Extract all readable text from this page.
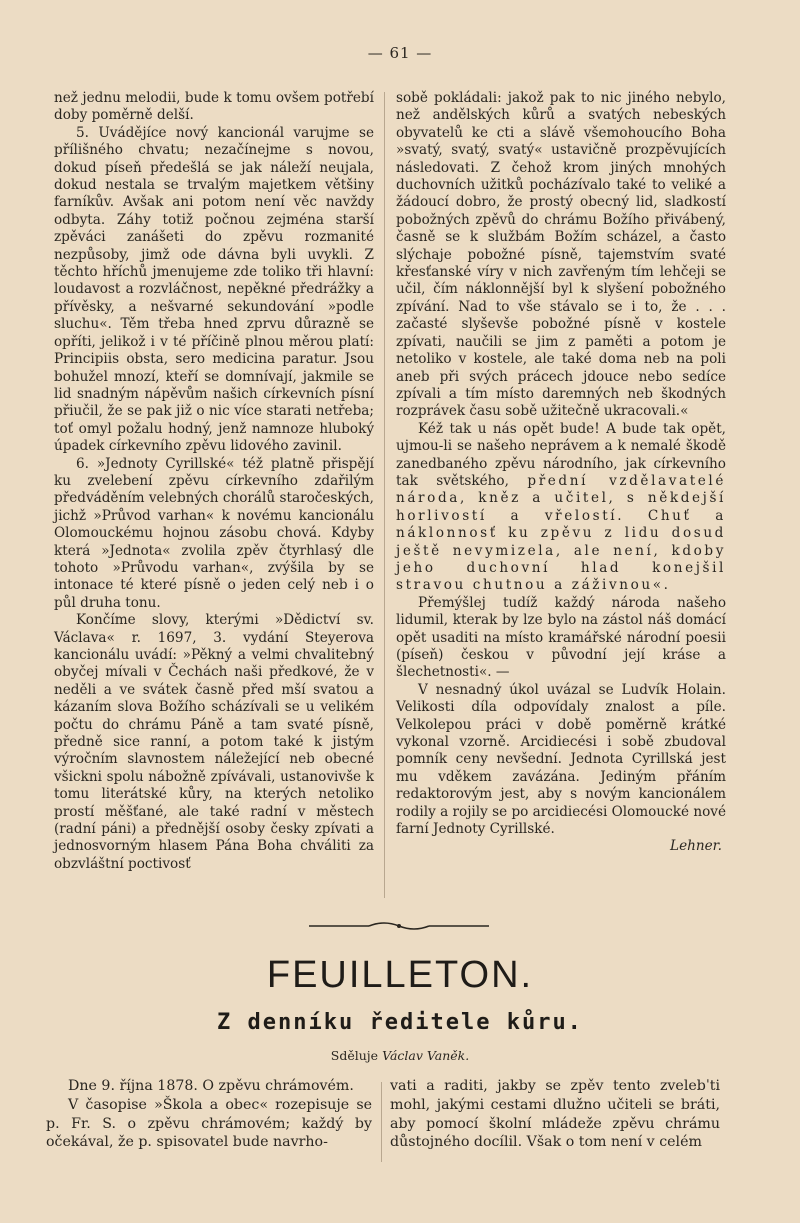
— 61 —

než jednu melodii, bude k tomu ovšem potřebí doby poměrně delší.

5. Uvádějíce nový kancionál varujme se přílišného chvatu; nezačínejme s novou, dokud píseň předešlá se jak náleží neujala, dokud nestala se trvalým majetkem většiny farníkův. Avšak ani potom není věc navždy odbyta. Záhy totiž počnou zejména starší zpěváci zanášeti do zpěvu rozmanité nezpůsoby, jimž ode dávna byli uvykli. Z těchto hříchů jmenujeme zde toliko tři hlavní: loudavost a rozvláčnost, nepěkné předrážky a přívěsky, a nešvarné sekundování »podle sluchu«. Těm třeba hned zprvu důrazně se opříti, jelikož i v té příčině plnou měrou platí: Principiis obsta, sero medicina paratur. Jsou bohužel mnozí, kteří se domnívají, jakmile se lid snadným nápěvům našich církevních písní přiučil, že se pak již o nic více starati netřeba; toť omyl požalu hodný, jenž namnoze hluboký úpadek církevního zpěvu lidového zavinil.

6. »Jednoty Cyrillské« též platně přispějí ku zvelebení zpěvu církevního zdařilým předváděním velebných chorálů staročeských, jichž »Průvod varhan« k novému kancionálu Olomouckému hojnou zásobu chová. Kdyby která »Jednota« zvolila zpěv čtyrhlasý dle tohoto »Průvodu varhan«, zvýšila by se intonace té které písně o jeden celý neb i o půl druha tonu.

Končíme slovy, kterými »Dědictví sv. Václava« r. 1697, 3. vydání Steyerova kancionálu uvádí: »Pěkný a velmi chvalitebný obyčej mívali v Čechách naši předkové, že v neděli a ve svátek časně před mší svatou a kázaním slova Božího scházívali se u velikém počtu do chrámu Páně a tam svaté písně, předně sice ranní, a potom také k jistým výročním slavnostem náležející neb obecné všickni spolu nábožně zpívávali, ustanovivše k tomu literátské kůry, na kterých netoliko prostí měšťané, ale také radní v městech (radní páni) a přednější osoby česky zpívati a jednosvorným hlasem Pána Boha chváliti za obzvláštní poctivosť

sobě pokládali: jakož pak to nic jiného nebylo, než andělských kůrů a svatých nebeských obyvatelů ke cti a slávě všemohoucího Boha »svatý, svatý, svatý« ustavičně prozpěvujících následovati. Z čehož krom jiných mnohých duchovních užitků pocházívalo také to veliké a žádoucí dobro, že prostý obecný lid, sladkostí pobožných zpěvů do chrámu Božího přivábený, časně se k službám Božím scházel, a často slýchaje pobožné písně, tajemstvím svaté křesťanské víry v nich zavřeným tím lehčeji se učil, čím náklonnější byl k slyšení pobožného zpívání. Nad to vše stávalo se i to, že . . . začasté slyševše pobožné písně v kostele zpívati, naučili se jim z paměti a potom je netoliko v kostele, ale také doma neb na poli aneb při svých prácech jdouce nebo sedíce zpívali a tím místo daremných neb škodných rozprávek času sobě užitečně ukracovali.«

Kéž tak u nás opět bude! A bude tak opět, ujmou-li se našeho neprávem a k nemalé škodě zanedbaného zpěvu národního, jak církevního tak světského, přední vzdělavatelé národa, kněz a učitel, s někdejší horlivostí a vřelostí. Chuť a náklonnosť ku zpěvu z lidu dosud ještě nevymizela, ale není, kdoby jeho duchovní hlad konejšil stravou chutnou a záživnou«.

Přemýšlej tudíž každý národa našeho lidumil, kterak by lze bylo na zástol náš domácí opět usaditi na místo kramářské národní poesii (píseň) českou v původní její krásе a šlechetnosti«. —

V nesnadný úkol uvázal se Ludvík Holain. Velikosti díla odpovídaly znalost a píle. Velkolepou práci v době poměrně krátké vykonal vzorně. Arcidiecési i sobě zbudoval pomník ceny nevšední. Jednota Cyrillská jest mu vděkem zavázána. Jediným přáním redaktorovým jest, aby s novým kancionálem rodily a rojily se po arcidiecési Olomoucké nové farní Jednoty Cyrillské.

Lehner.

FEUILLETON.
Z denníku ředitele kůru.
Sděluje Václav Vaněk.

Dne 9. října 1878. O zpěvu chrámovém.

V časopise »Škola a obec« rozepisuje se p. Fr. S. o zpěvu chrámovém; každý by očekával, že p. spisovatel bude navrho-

vati a raditi, jakby se zpěv tento zvelebˈti mohl, jakými cestami dlužno učiteli se bráti, aby pomocí školní mládeže zpěvu chrámu důstojného docílil. Však o tom není v celém
